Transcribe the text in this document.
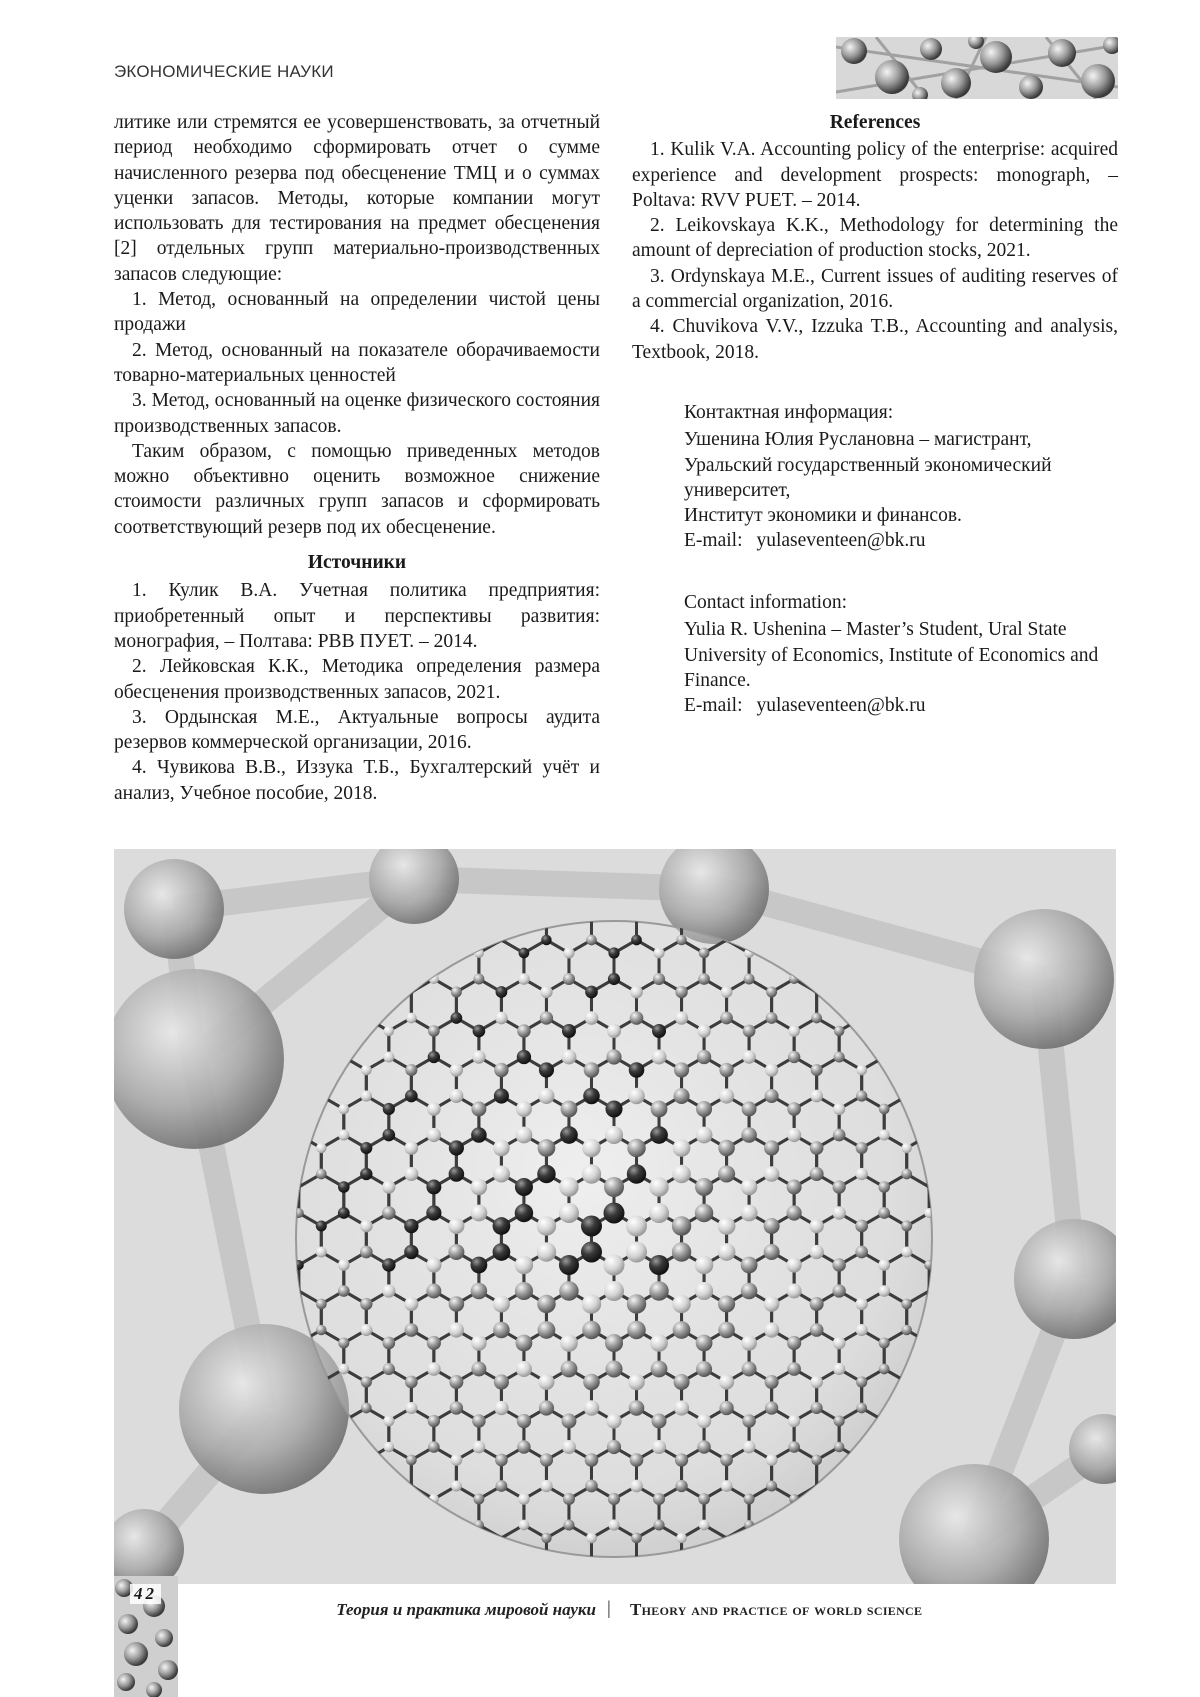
ЭКОНОМИЧЕСКИЕ НАУКИ

литике или стремятся ее усовершенствовать, за отчетный период необходимо сформировать отчет о сумме начисленного резерва под обесценение ТМЦ и о суммах уценки запасов. Методы, которые компании могут использовать для тестирования на предмет обесценения [2] отдельных групп материально-производственных запасов следующие:

1. Метод, основанный на определении чистой цены продажи

2. Метод, основанный на показателе оборачиваемости товарно-материальных ценностей

3. Метод, основанный на оценке физического состояния производственных запасов.

Таким образом, с помощью приведенных методов можно объективно оценить возможное снижение стоимости различных групп запасов и сформировать соответствующий резерв под их обесценение.

Источники

1. Кулик В.А. Учетная политика предприятия: приобретенный опыт и перспективы развития: монография, – Полтава: РВВ ПУЕТ. – 2014.

2. Лейковская К.К., Методика определения размера обесценения производственных запасов, 2021.

3. Ордынская М.Е., Актуальные вопросы аудита резервов коммерческой организации, 2016.

4. Чувикова В.В., Иззука Т.Б., Бухгалтерский учёт и анализ, Учебное пособие, 2018.

References

1. Kulik V.A. Accounting policy of the enterprise: acquired experience and development prospects: monograph, – Poltava: RVV PUET. – 2014.

2. Leikovskaya K.K., Methodology for determining the amount of depreciation of production stocks, 2021.

3. Ordynskaya M.E., Current issues of auditing reserves of a commercial organization, 2016.

4. Chuvikova V.V., Izzuka T.B., Accounting and analysis, Textbook, 2018.

Контактная информация:

Ушенина Юлия Руслановна – магистрант,

Уральский государственный экономический университет,

Институт экономики и финансов.

E-mail: yulaseventeen@bk.ru

Contact information:

Yulia R. Ushenina – Master’s Student, Ural State University of Economics, Institute of Economics and Finance.

E-mail: yulaseventeen@bk.ru

42
Теория и практика мировой науки | Theory and practice of world science
